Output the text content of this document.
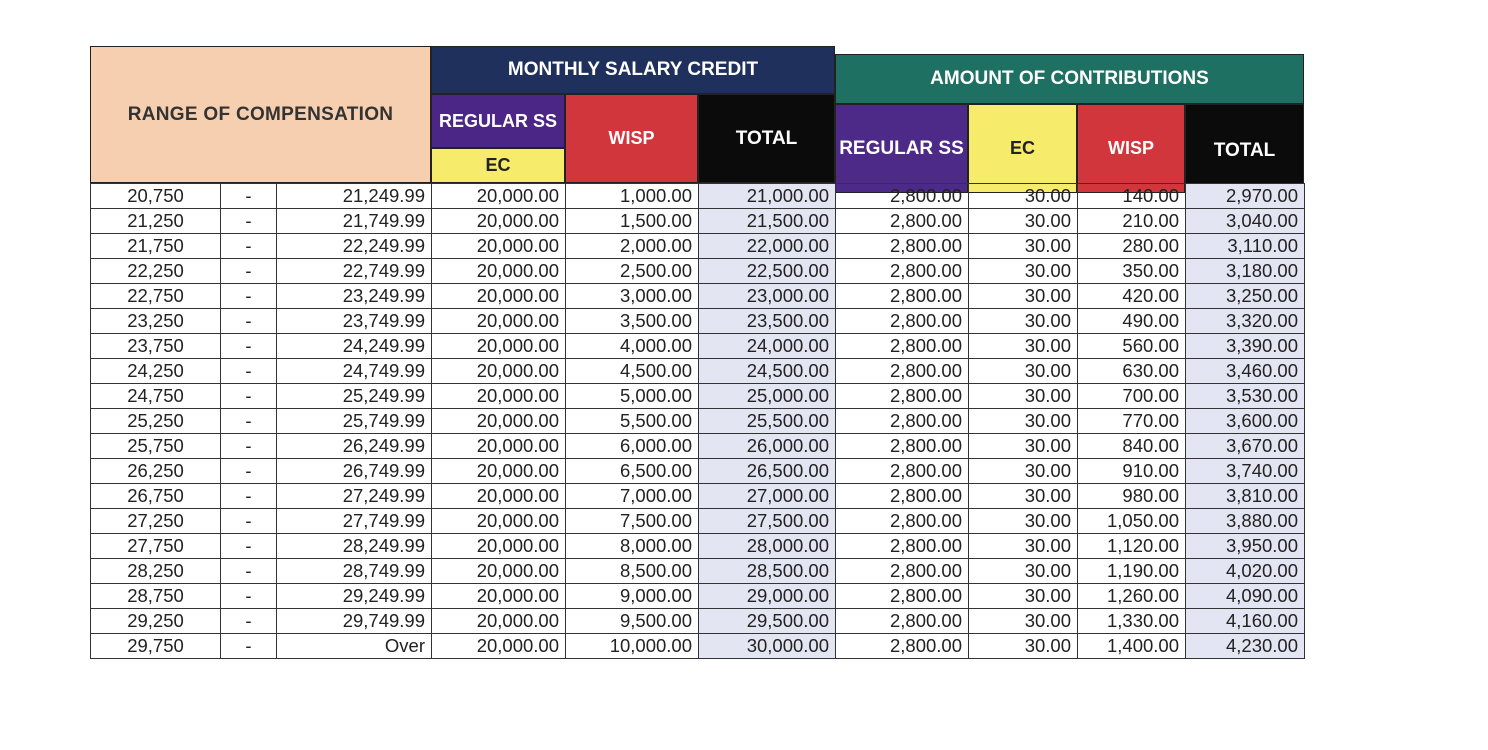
RANGE OF COMPENSATION
MONTHLY SALARY CREDIT	AMOUNT OF CONTRIBUTIONS
REGULAR SS
EC
WISP	TOTAL	REGULAR SS	EC	WISP	TOTAL
20,750	-	21,249.99	20,000.00	1,000.00	21,000.00	2,800.00	30.00	140.00	2,970.00
21,250	-	21,749.99	20,000.00	1,500.00	21,500.00	2,800.00	30.00	210.00	3,040.00
21,750	-	22,249.99	20,000.00	2,000.00	22,000.00	2,800.00	30.00	280.00	3,110.00
22,250	-	22,749.99	20,000.00	2,500.00	22,500.00	2,800.00	30.00	350.00	3,180.00
22,750	-	23,249.99	20,000.00	3,000.00	23,000.00	2,800.00	30.00	420.00	3,250.00
23,250	-	23,749.99	20,000.00	3,500.00	23,500.00	2,800.00	30.00	490.00	3,320.00
23,750	-	24,249.99	20,000.00	4,000.00	24,000.00	2,800.00	30.00	560.00	3,390.00
24,250	-	24,749.99	20,000.00	4,500.00	24,500.00	2,800.00	30.00	630.00	3,460.00
24,750	-	25,249.99	20,000.00	5,000.00	25,000.00	2,800.00	30.00	700.00	3,530.00
25,250	-	25,749.99	20,000.00	5,500.00	25,500.00	2,800.00	30.00	770.00	3,600.00
25,750	-	26,249.99	20,000.00	6,000.00	26,000.00	2,800.00	30.00	840.00	3,670.00
26,250	-	26,749.99	20,000.00	6,500.00	26,500.00	2,800.00	30.00	910.00	3,740.00
26,750	-	27,249.99	20,000.00	7,000.00	27,000.00	2,800.00	30.00	980.00	3,810.00
27,250	-	27,749.99	20,000.00	7,500.00	27,500.00	2,800.00	30.00	1,050.00	3,880.00
27,750	-	28,249.99	20,000.00	8,000.00	28,000.00	2,800.00	30.00	1,120.00	3,950.00
28,250	-	28,749.99	20,000.00	8,500.00	28,500.00	2,800.00	30.00	1,190.00	4,020.00
28,750	-	29,249.99	20,000.00	9,000.00	29,000.00	2,800.00	30.00	1,260.00	4,090.00
29,250	-	29,749.99	20,000.00	9,500.00	29,500.00	2,800.00	30.00	1,330.00	4,160.00
29,750	-	Over	20,000.00	10,000.00	30,000.00	2,800.00	30.00	1,400.00	4,230.00
